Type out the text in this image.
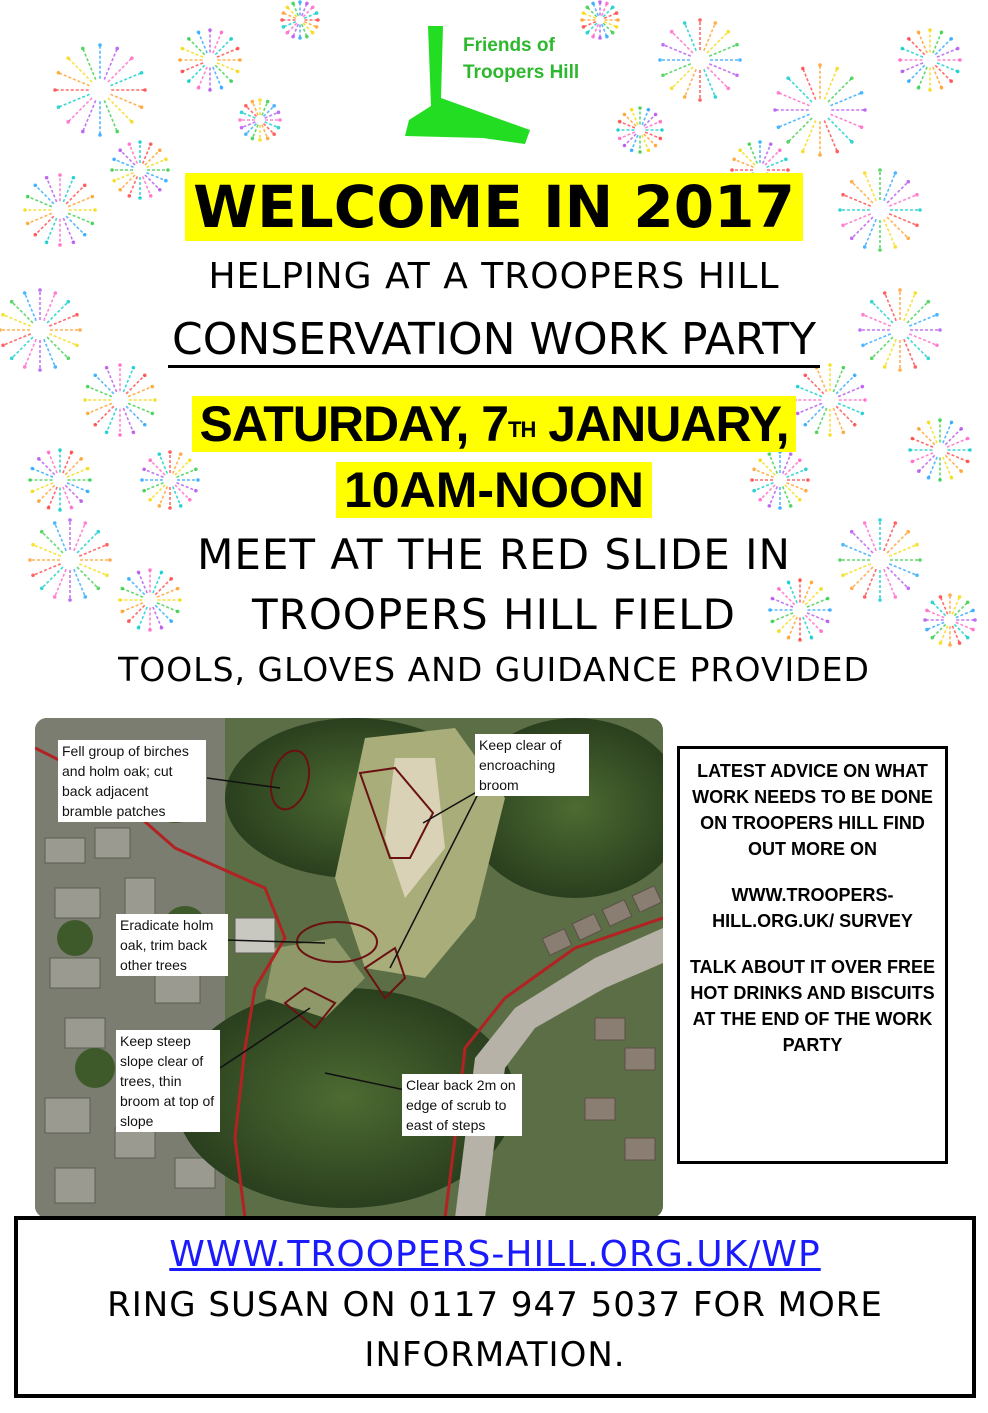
Friends of
Troopers Hill
WELCOME IN 2017
HELPING AT A TROOPERS HILL
CONSERVATION WORK PARTY
SATURDAY, 7TH JANUARY,
10AM-NOON
MEET AT THE RED SLIDE IN
TROOPERS HILL FIELD
TOOLS, GLOVES AND GUIDANCE PROVIDED
Fell group of birches and holm oak; cut back adjacent bramble patches
Keep clear of encroaching broom
Eradicate holm oak, trim back other trees
Keep steep slope clear of trees, thin broom at top of slope
Clear back 2m on edge of scrub to east of steps

LATEST ADVICE ON WHAT WORK NEEDS TO BE DONE ON TROOPERS HILL FIND OUT MORE ON

WWW.TROOPERS-HILL.ORG.UK/ SURVEY

TALK ABOUT IT OVER FREE HOT DRINKS AND BISCUITS AT THE END OF THE WORK PARTY

WWW.TROOPERS-HILL.ORG.UK/WP
RING SUSAN ON 0117 947 5037 FOR MORE INFORMATION.
